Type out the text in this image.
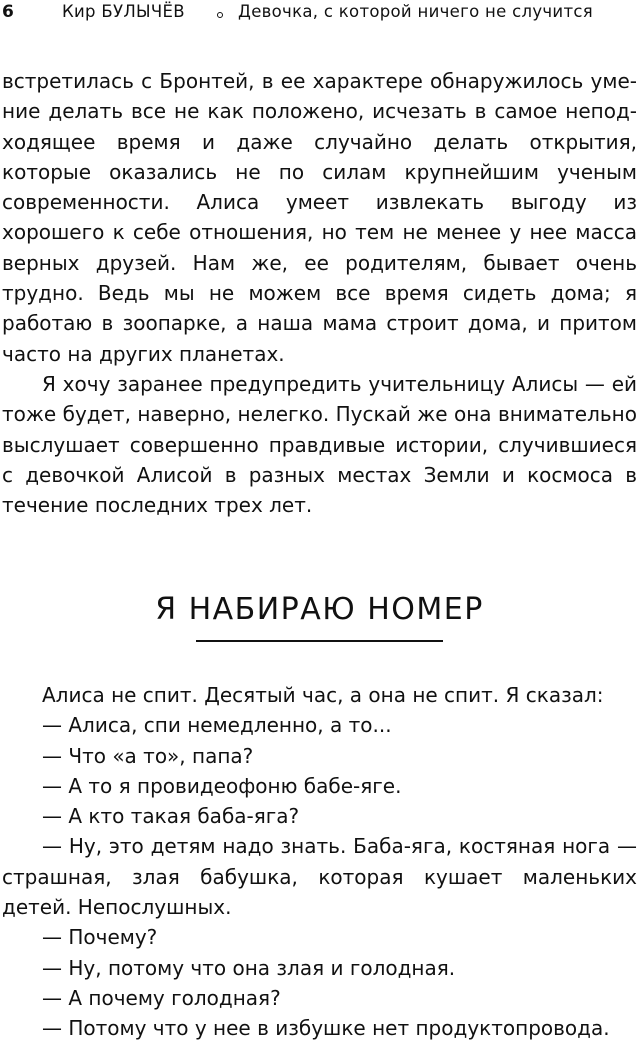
6	Кир БУЛЫЧЁВ	Девочка, с которой ничего не случится

встретилась с Бронтей, в ее характере обнаружилось умение делать все не как положено, исчезать в самое неподходящее время и даже случайно делать открытия, которые оказались не по силам крупнейшим ученым современности. Алиса умеет извлекать выгоду из хорошего к себе отношения, но тем не менее у нее масса верных друзей. Нам же, ее родителям, бывает очень трудно. Ведь мы не можем все время сидеть дома; я работаю в зоопарке, а наша мама строит дома, и притом часто на других планетах.

Я хочу заранее предупредить учительницу Алисы — ей тоже будет, наверно, нелегко. Пускай же она внимательно выслушает совершенно правдивые истории, случившиеся с девочкой Алисой в разных местах Земли и космоса в течение последних трех лет.

Я НАБИРАЮ НОМЕР

Алиса не спит. Десятый час, а она не спит. Я сказал:

— Алиса, спи немедленно, а то...

— Что «а то», папа?

— А то я провидеофоню бабе-яге.

— А кто такая баба-яга?

— Ну, это детям надо знать. Баба-яга, костяная нога — страшная, злая бабушка, которая кушает маленьких детей. Непослушных.

— Почему?

— Ну, потому что она злая и голодная.

— А почему голодная?

— Потому что у нее в избушке нет продуктопровода.
